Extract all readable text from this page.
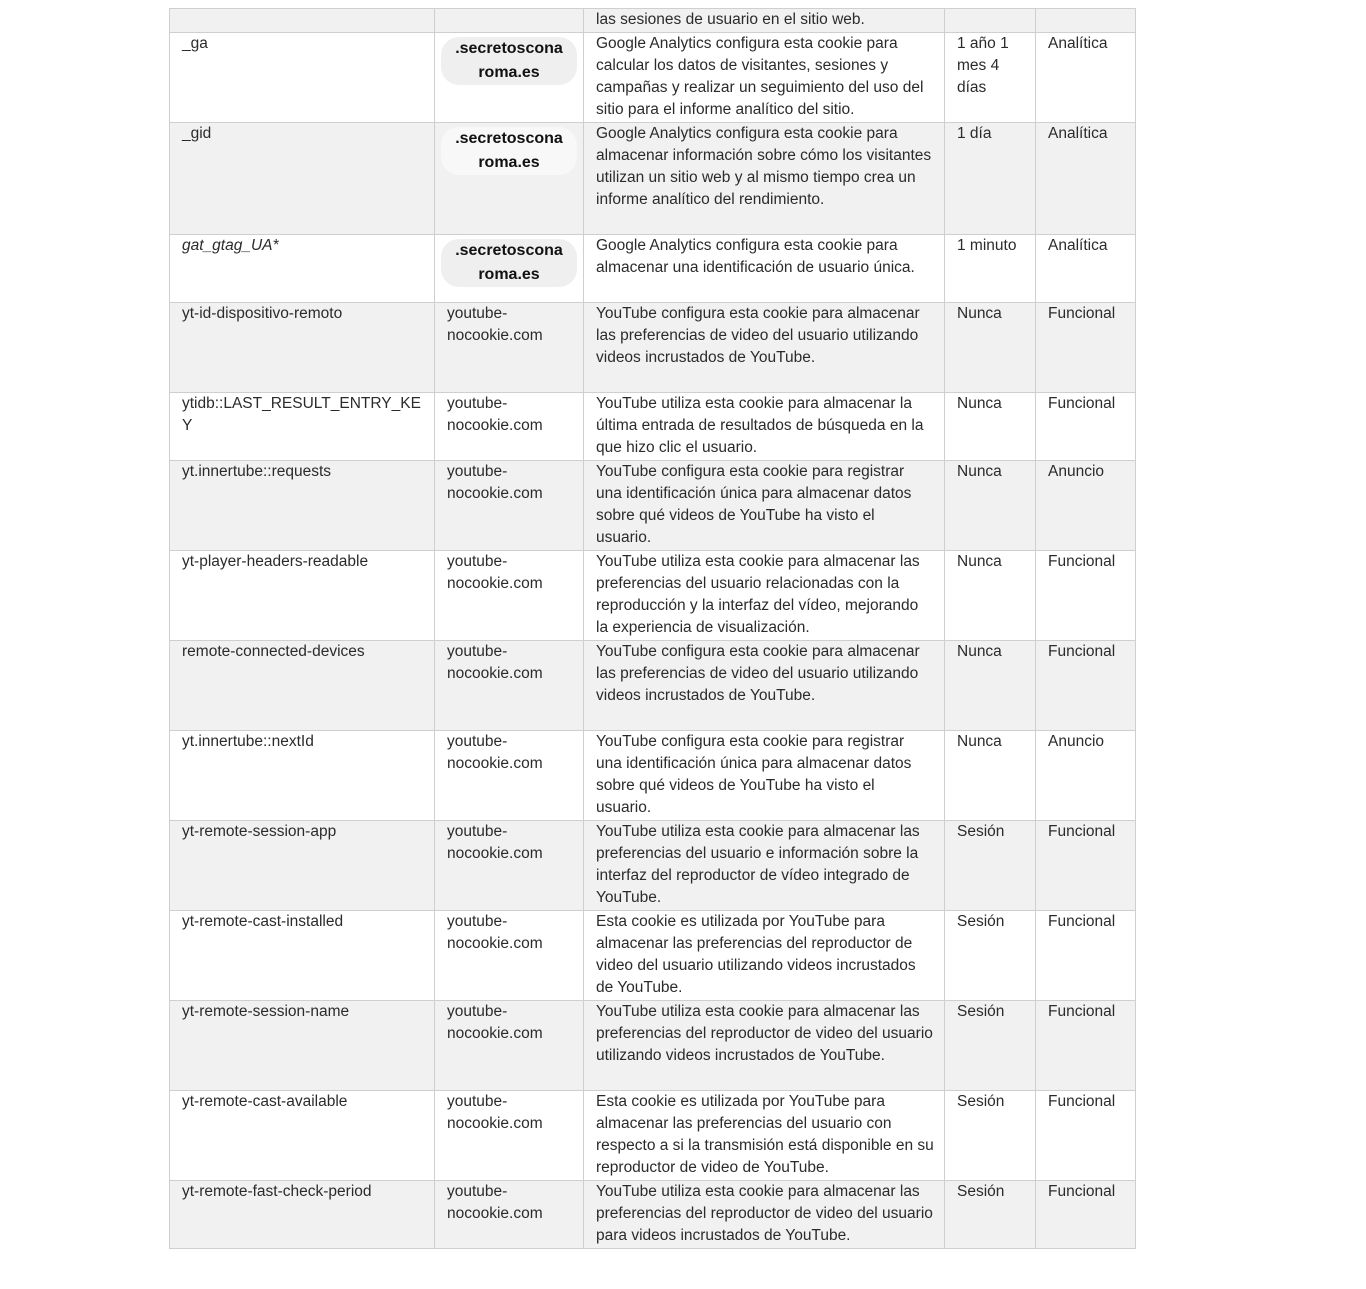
		las sesiones de usuario en el sitio web.		

_ga	.secretoscona roma.es	Google Analytics configura esta cookie para calcular los datos de visitantes, sesiones y campañas y realizar un seguimiento del uso del sitio para el informe analítico del sitio.	1 año 1 mes 4 días	Analítica

_gid	.secretoscona roma.es	Google Analytics configura esta cookie para almacenar información sobre cómo los visitantes utilizan un sitio web y al mismo tiempo crea un informe analítico del rendimiento.	1 día	Analítica

gat_gtag_UA*	.secretoscona roma.es	Google Analytics configura esta cookie para almacenar una identificación de usuario única.	1 minuto	Analítica

yt-id-dispositivo-remoto	youtube- nocookie.com	YouTube configura esta cookie para almacenar las preferencias de video del usuario utilizando videos incrustados de YouTube.	Nunca	Funcional

ytidb::LAST_RESULT_ENTRY_KE Y	youtube- nocookie.com	YouTube utiliza esta cookie para almacenar la última entrada de resultados de búsqueda en la que hizo clic el usuario.	Nunca	Funcional

yt.innertube::requests	youtube- nocookie.com	YouTube configura esta cookie para registrar una identificación única para almacenar datos sobre qué videos de YouTube ha visto el usuario.	Nunca	Anuncio

yt-player-headers-readable	youtube- nocookie.com	YouTube utiliza esta cookie para almacenar las preferencias del usuario relacionadas con la reproducción y la interfaz del vídeo, mejorando la experiencia de visualización.	Nunca	Funcional

remote-connected-devices	youtube- nocookie.com	YouTube configura esta cookie para almacenar las preferencias de video del usuario utilizando videos incrustados de YouTube.	Nunca	Funcional

yt.innertube::nextId	youtube- nocookie.com	YouTube configura esta cookie para registrar una identificación única para almacenar datos sobre qué videos de YouTube ha visto el usuario.	Nunca	Anuncio

yt-remote-session-app	youtube- nocookie.com	YouTube utiliza esta cookie para almacenar las preferencias del usuario e información sobre la interfaz del reproductor de vídeo integrado de YouTube.	Sesión	Funcional

yt-remote-cast-installed	youtube- nocookie.com	Esta cookie es utilizada por YouTube para almacenar las preferencias del reproductor de video del usuario utilizando videos incrustados de YouTube.	Sesión	Funcional

yt-remote-session-name	youtube- nocookie.com	YouTube utiliza esta cookie para almacenar las preferencias del reproductor de video del usuario utilizando videos incrustados de YouTube.	Sesión	Funcional

yt-remote-cast-available	youtube- nocookie.com	Esta cookie es utilizada por YouTube para almacenar las preferencias del usuario con respecto a si la transmisión está disponible en su reproductor de video de YouTube.	Sesión	Funcional

yt-remote-fast-check-period	youtube- nocookie.com	YouTube utiliza esta cookie para almacenar las preferencias del reproductor de video del usuario para videos incrustados de YouTube.	Sesión	Funcional
